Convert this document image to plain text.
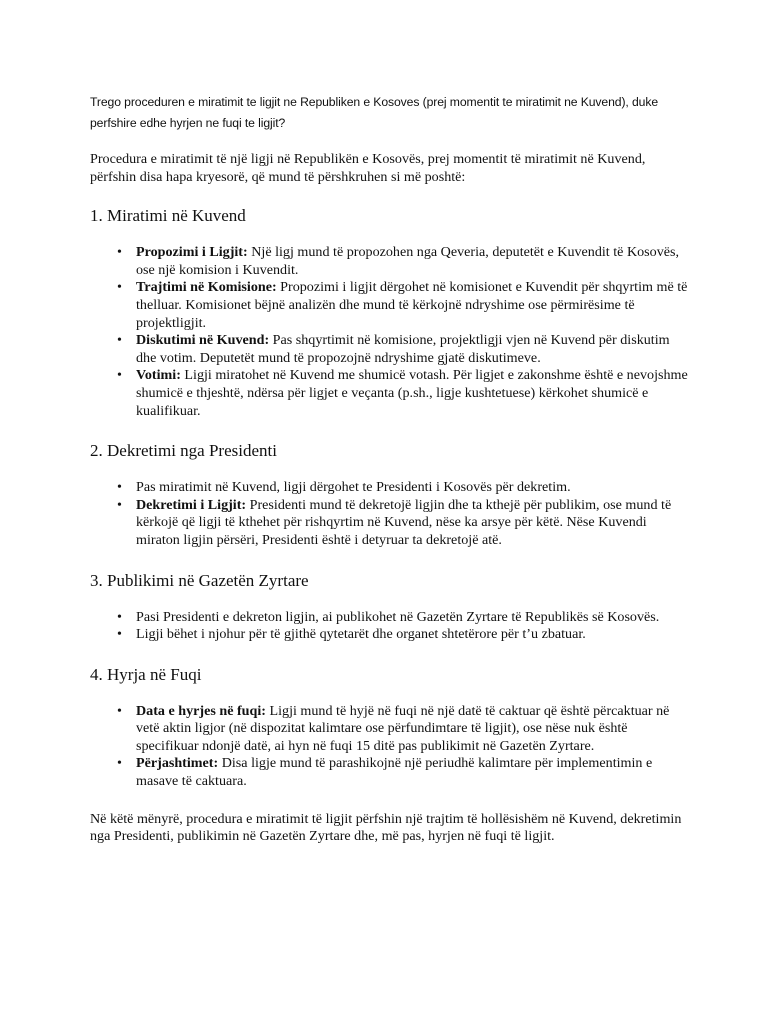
Trego proceduren e miratimit te ligjit ne Republiken e Kosoves (prej momentit te miratimit ne Kuvend), duke perfshire edhe hyrjen ne fuqi te ligjit?

Procedura e miratimit të një ligji në Republikën e Kosovës, prej momentit të miratimit në Kuvend, përfshin disa hapa kryesorë, që mund të përshkruhen si më poshtë:

1. Miratimi në Kuvend
• Propozimi i Ligjit: Një ligj mund të propozohen nga Qeveria, deputetët e Kuvendit të Kosovës, ose një komision i Kuvendit.
• Trajtimi në Komisione: Propozimi i ligjit dërgohet në komisionet e Kuvendit për shqyrtim më të thelluar. Komisionet bëjnë analizën dhe mund të kërkojnë ndryshime ose përmirësime të projektligjit.
• Diskutimi në Kuvend: Pas shqyrtimit në komisione, projektligji vjen në Kuvend për diskutim dhe votim. Deputetët mund të propozojnë ndryshime gjatë diskutimeve.
• Votimi: Ligji miratohet në Kuvend me shumicë votash. Për ligjet e zakonshme është e nevojshme shumicë e thjeshtë, ndërsa për ligjet e veçanta (p.sh., ligje kushtetuese) kërkohet shumicë e kualifikuar.
2. Dekretimi nga Presidenti
• Pas miratimit në Kuvend, ligji dërgohet te Presidenti i Kosovës për dekretim.
• Dekretimi i Ligjit: Presidenti mund të dekretojë ligjin dhe ta kthejë për publikim, ose mund të kërkojë që ligji të kthehet për rishqyrtim në Kuvend, nëse ka arsye për këtë. Nëse Kuvendi miraton ligjin përsëri, Presidenti është i detyruar ta dekretojë atë.
3. Publikimi në Gazetën Zyrtare
• Pasi Presidenti e dekreton ligjin, ai publikohet në Gazetën Zyrtare të Republikës së Kosovës.
• Ligji bëhet i njohur për të gjithë qytetarët dhe organet shtetërore për t’u zbatuar.
4. Hyrja në Fuqi
• Data e hyrjes në fuqi: Ligji mund të hyjë në fuqi në një datë të caktuar që është përcaktuar në vetë aktin ligjor (në dispozitat kalimtare ose përfundimtare të ligjit), ose nëse nuk është specifikuar ndonjë datë, ai hyn në fuqi 15 ditë pas publikimit në Gazetën Zyrtare.
• Përjashtimet: Disa ligje mund të parashikojnë një periudhë kalimtare për implementimin e masave të caktuara.

Në këtë mënyrë, procedura e miratimit të ligjit përfshin një trajtim të hollësishëm në Kuvend, dekretimin nga Presidenti, publikimin në Gazetën Zyrtare dhe, më pas, hyrjen në fuqi të ligjit.
